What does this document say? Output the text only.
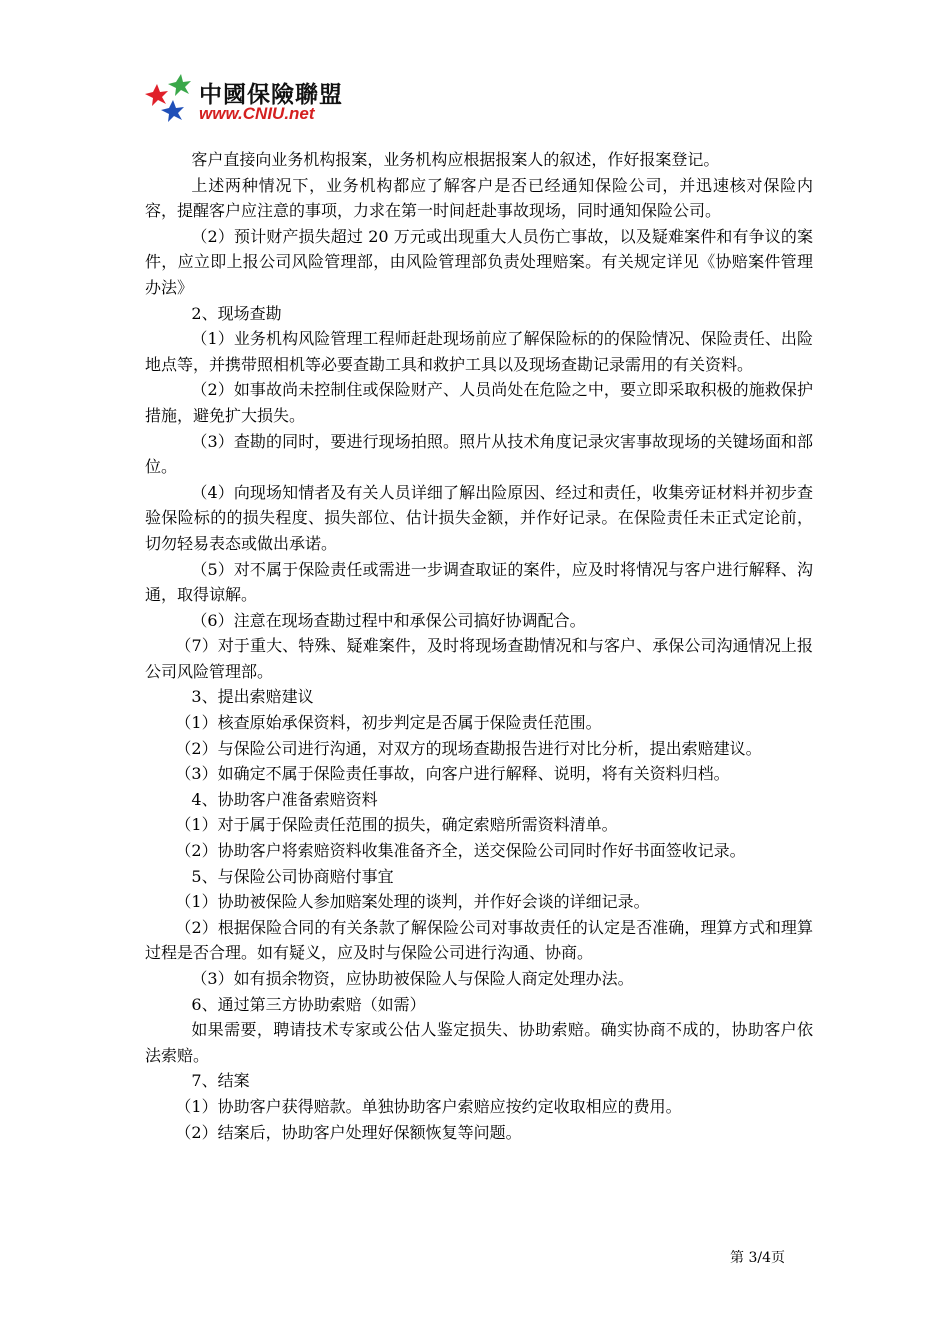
中國保險聯盟
www.CNIU.net
客户直接向业务机构报案，业务机构应根据报案人的叙述，作好报案登记。
上述两种情况下，业务机构都应了解客户是否已经通知保险公司，并迅速核对保险内容，提醒客户应注意的事项，力求在第一时间赶赴事故现场，同时通知保险公司。
（2）预计财产损失超过 20 万元或出现重大人员伤亡事故，以及疑难案件和有争议的案件，应立即上报公司风险管理部，由风险管理部负责处理赔案。有关规定详见《协赔案件管理办法》
2、现场查勘
（1）业务机构风险管理工程师赶赴现场前应了解保险标的的保险情况、保险责任、出险地点等，并携带照相机等必要查勘工具和救护工具以及现场查勘记录需用的有关资料。
（2）如事故尚未控制住或保险财产、人员尚处在危险之中，要立即采取积极的施救保护措施，避免扩大损失。
（3）查勘的同时，要进行现场拍照。照片从技术角度记录灾害事故现场的关键场面和部位。
（4）向现场知情者及有关人员详细了解出险原因、经过和责任，收集旁证材料并初步查验保险标的的损失程度、损失部位、估计损失金额，并作好记录。在保险责任未正式定论前，切勿轻易表态或做出承诺。
（5）对不属于保险责任或需进一步调查取证的案件，应及时将情况与客户进行解释、沟通，取得谅解。
（6）注意在现场查勘过程中和承保公司搞好协调配合。
（7）对于重大、特殊、疑难案件，及时将现场查勘情况和与客户、承保公司沟通情况上报公司风险管理部。
3、提出索赔建议
（1）核查原始承保资料，初步判定是否属于保险责任范围。
（2）与保险公司进行沟通，对双方的现场查勘报告进行对比分析，提出索赔建议。
（3）如确定不属于保险责任事故，向客户进行解释、说明，将有关资料归档。
4、协助客户准备索赔资料
（1）对于属于保险责任范围的损失，确定索赔所需资料清单。
（2）协助客户将索赔资料收集准备齐全，送交保险公司同时作好书面签收记录。
5、与保险公司协商赔付事宜
（1）协助被保险人参加赔案处理的谈判，并作好会谈的详细记录。
（2）根据保险合同的有关条款了解保险公司对事故责任的认定是否准确，理算方式和理算过程是否合理。如有疑义，应及时与保险公司进行沟通、协商。
（3）如有损余物资，应协助被保险人与保险人商定处理办法。
6、通过第三方协助索赔（如需）
如果需要，聘请技术专家或公估人鉴定损失、协助索赔。确实协商不成的，协助客户依法索赔。
7、结案
（1）协助客户获得赔款。单独协助客户索赔应按约定收取相应的费用。
（2）结案后，协助客户处理好保额恢复等问题。
第 3/4页
